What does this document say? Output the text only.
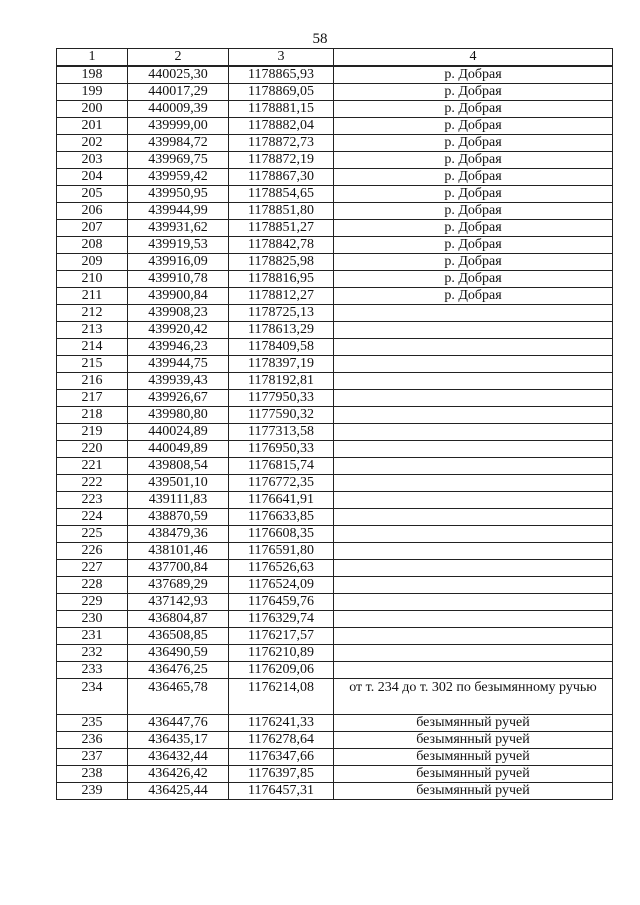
58
1	2	3	4
198	440025,30	1178865,93	р. Добрая
199	440017,29	1178869,05	р. Добрая
200	440009,39	1178881,15	р. Добрая
201	439999,00	1178882,04	р. Добрая
202	439984,72	1178872,73	р. Добрая
203	439969,75	1178872,19	р. Добрая
204	439959,42	1178867,30	р. Добрая
205	439950,95	1178854,65	р. Добрая
206	439944,99	1178851,80	р. Добрая
207	439931,62	1178851,27	р. Добрая
208	439919,53	1178842,78	р. Добрая
209	439916,09	1178825,98	р. Добрая
210	439910,78	1178816,95	р. Добрая
211	439900,84	1178812,27	р. Добрая
212	439908,23	1178725,13	
213	439920,42	1178613,29	
214	439946,23	1178409,58	
215	439944,75	1178397,19	
216	439939,43	1178192,81	
217	439926,67	1177950,33	
218	439980,80	1177590,32	
219	440024,89	1177313,58	
220	440049,89	1176950,33	
221	439808,54	1176815,74	
222	439501,10	1176772,35	
223	439111,83	1176641,91	
224	438870,59	1176633,85	
225	438479,36	1176608,35	
226	438101,46	1176591,80	
227	437700,84	1176526,63	
228	437689,29	1176524,09	
229	437142,93	1176459,76	
230	436804,87	1176329,74	
231	436508,85	1176217,57	
232	436490,59	1176210,89	
233	436476,25	1176209,06	
234	436465,78	1176214,08	от т. 234 до т. 302 по безымянному ручью
235	436447,76	1176241,33	безымянный ручей
236	436435,17	1176278,64	безымянный ручей
237	436432,44	1176347,66	безымянный ручей
238	436426,42	1176397,85	безымянный ручей
239	436425,44	1176457,31	безымянный ручей
